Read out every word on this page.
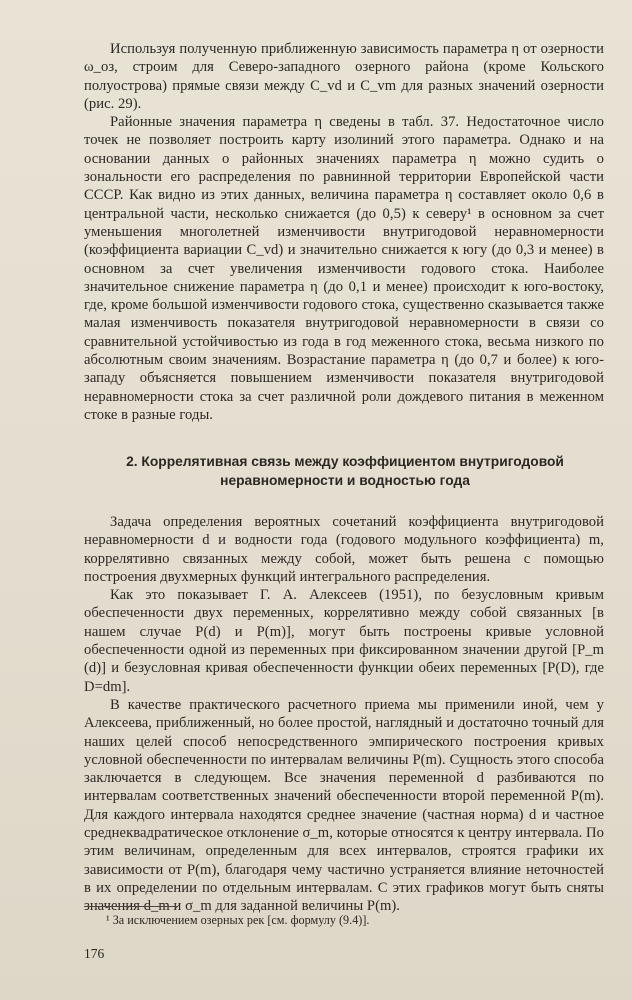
Используя полученную приближенную зависимость параметра η от озерности ω_оз, строим для Северо-западного озерного района (кроме Кольского полуострова) прямые связи между C_vd и C_vm для разных значений озерности (рис. 29).

Районные значения параметра η сведены в табл. 37. Недостаточное число точек не позволяет построить карту изолиний этого параметра. Однако и на основании данных о районных значениях параметра η можно судить о зональности его распределения по равнинной территории Европейской части СССР. Как видно из этих данных, величина параметра η составляет около 0,6 в центральной части, несколько снижается (до 0,5) к северу¹ в основном за счет уменьшения многолетней изменчивости внутригодовой неравномерности (коэффициента вариации C_vd) и значительно снижается к югу (до 0,3 и менее) в основном за счет увеличения изменчивости годового стока. Наиболее значительное снижение параметра η (до 0,1 и менее) происходит к юго-востоку, где, кроме большой изменчивости годового стока, существенно сказывается также малая изменчивость показателя внутригодовой неравномерности в связи со сравнительной устойчивостью из года в год меженного стока, весьма низкого по абсолютным своим значениям. Возрастание параметра η (до 0,7 и более) к юго-западу объясняется повышением изменчивости показателя внутригодовой неравномерности стока за счет различной роли дождевого питания в меженном стоке в разные годы.

2. Коррелятивная связь между коэффициентом внутригодовой неравномерности и водностью года

Задача определения вероятных сочетаний коэффициента внутригодовой неравномерности d и водности года (годового модульного коэффициента) m, коррелятивно связанных между собой, может быть решена с помощью построения двухмерных функций интегрального распределения.

Как это показывает Г. А. Алексеев (1951), по безусловным кривым обеспеченности двух переменных, коррелятивно между собой связанных [в нашем случае P(d) и P(m)], могут быть построены кривые условной обеспеченности одной из переменных при фиксированном значении другой [P_m (d)] и безусловная кривая обеспеченности функции обеих переменных [P(D), где D=dm].

В качестве практического расчетного приема мы применили иной, чем у Алексеева, приближенный, но более простой, наглядный и достаточно точный для наших целей способ непосредственного эмпирического построения кривых условной обеспеченности по интервалам величины P(m). Сущность этого способа заключается в следующем. Все значения переменной d разбиваются по интервалам соответственных значений обеспеченности второй переменной P(m). Для каждого интервала находятся среднее значение (частная норма) d и частное среднеквадратическое отклонение σ_m, которые относятся к центру интервала. По этим величинам, определенным для всех интервалов, строятся графики их зависимости от P(m), благодаря чему частично устраняется влияние неточностей в их определении по отдельным интервалам. С этих графиков могут быть сняты значения d_m и σ_m для заданной величины P(m).

¹ За исключением озерных рек [см. формулу (9.4)].
176
